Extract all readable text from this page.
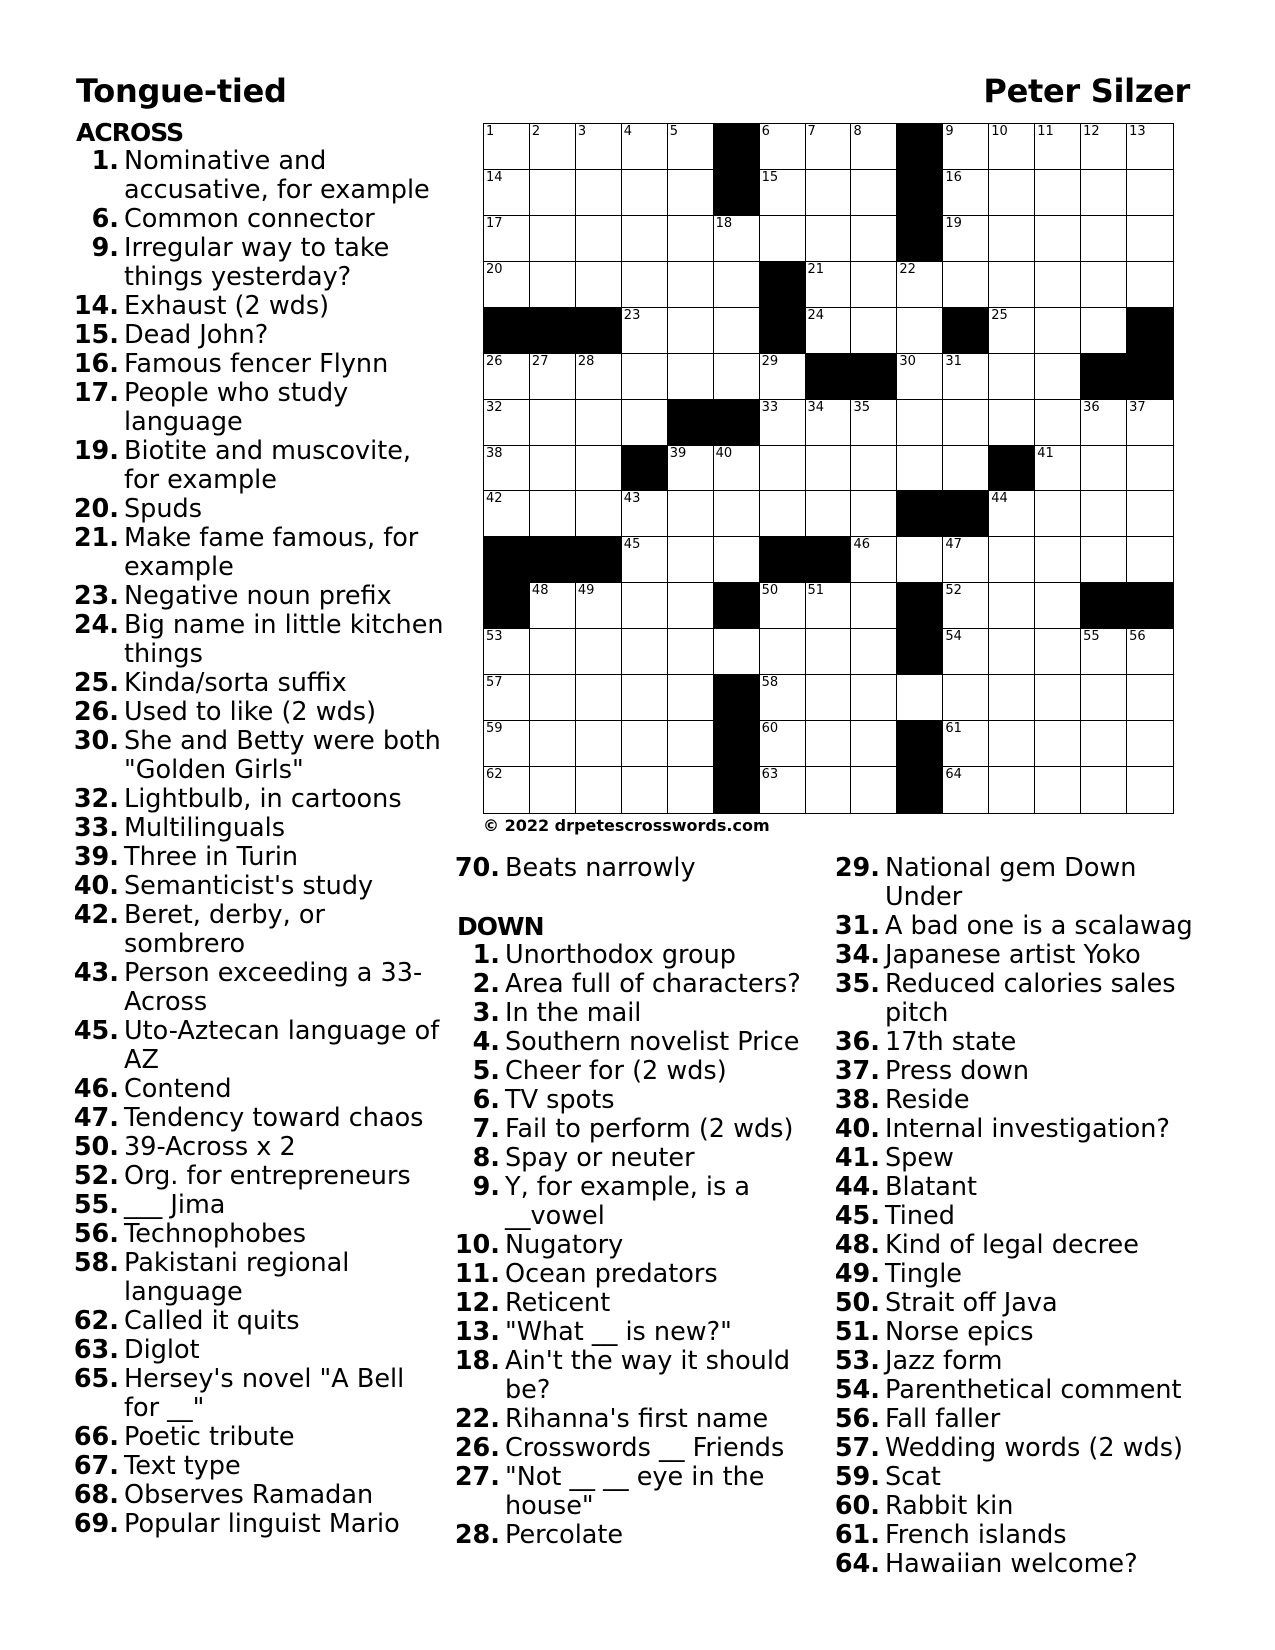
Tongue-tied	Peter Silzer
ACROSS
1. Nominative and accusative, for example
6. Common connector
9. Irregular way to take things yesterday?
14. Exhaust (2 wds)
15. Dead John?
16. Famous fencer Flynn
17. People who study language
19. Biotite and muscovite, for example
20. Spuds
21. Make fame famous, for example
23. Negative noun prefix
24. Big name in little kitchen things
25. Kinda/sorta suffix
26. Used to like (2 wds)
30. She and Betty were both "Golden Girls"
32. Lightbulb, in cartoons
33. Multilinguals
39. Three in Turin
40. Semanticist's study
42. Beret, derby, or sombrero
43. Person exceeding a 33-Across
45. Uto-Aztecan language of AZ
46. Contend
47. Tendency toward chaos
50. 39-Across x 2
52. Org. for entrepreneurs
55. ___ Jima
56. Technophobes
58. Pakistani regional language
62. Called it quits
63. Diglot
65. Hersey's novel "A Bell for __"
66. Poetic tribute
67. Text type
68. Observes Ramadan
69. Popular linguist Mario
1	2	3	4	5	6	7	8	9	10 11 12 13
14	15	16
17	18	19
20	21	22
23	24	25
26 27 28	29	30 31
32	33 34 35	36 37
38	39 40	41
42	43	44
45	46	47
48 49	50 51	52
53	54	55 56
57	58
59	60	61
62	63	64
© 2022 drpetescrosswords.com
70. Beats narrowly
DOWN
1. Unorthodox group
2. Area full of characters?
3. In the mail
4. Southern novelist Price
5. Cheer for (2 wds)
6. TV spots
7. Fail to perform (2 wds)
8. Spay or neuter
9. Y, for example, is a __vowel
10. Nugatory
11. Ocean predators
12. Reticent
13. "What __ is new?"
18. Ain't the way it should be?
22. Rihanna's first name
26. Crosswords __ Friends
27. "Not __ __ eye in the house"
28. Percolate
29. National gem Down Under
31. A bad one is a scalawag
34. Japanese artist Yoko
35. Reduced calories sales pitch
36. 17th state
37. Press down
38. Reside
40. Internal investigation?
41. Spew
44. Blatant
45. Tined
48. Kind of legal decree
49. Tingle
50. Strait off Java
51. Norse epics
53. Jazz form
54. Parenthetical comment
56. Fall faller
57. Wedding words (2 wds)
59. Scat
60. Rabbit kin
61. French islands
64. Hawaiian welcome?
